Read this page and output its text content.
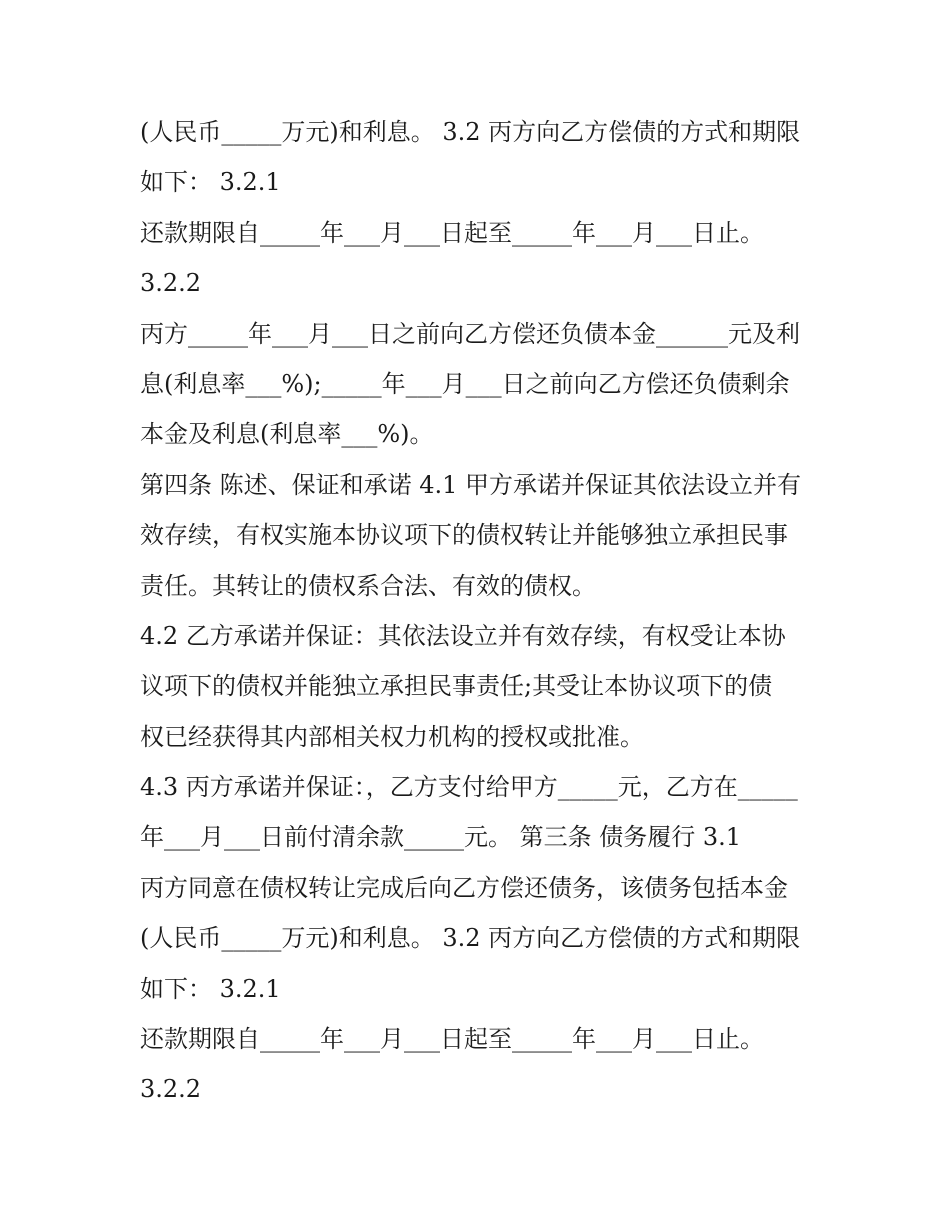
(人民币_____万元)和利息。 3.2 丙方向乙方偿债的方式和期限
如下： 3.2.1
还款期限自_____年___月___日起至_____年___月___日止。
3.2.2
丙方_____年___月___日之前向乙方偿还负债本金______元及利
息(利息率___%);_____年___月___日之前向乙方偿还负债剩余
本金及利息(利息率___%)。
第四条 陈述、保证和承诺 4.1 甲方承诺并保证其依法设立并有
效存续，有权实施本协议项下的债权转让并能够独立承担民事
责任。其转让的债权系合法、有效的债权。
4.2 乙方承诺并保证：其依法设立并有效存续，有权受让本协
议项下的债权并能独立承担民事责任;其受让本协议项下的债
权已经获得其内部相关权力机构的授权或批准。
4.3 丙方承诺并保证：，乙方支付给甲方_____元，乙方在_____
年___月___日前付清余款_____元。 第三条 债务履行 3.1
丙方同意在债权转让完成后向乙方偿还债务，该债务包括本金
(人民币_____万元)和利息。 3.2 丙方向乙方偿债的方式和期限
如下： 3.2.1
还款期限自_____年___月___日起至_____年___月___日止。
3.2.2
